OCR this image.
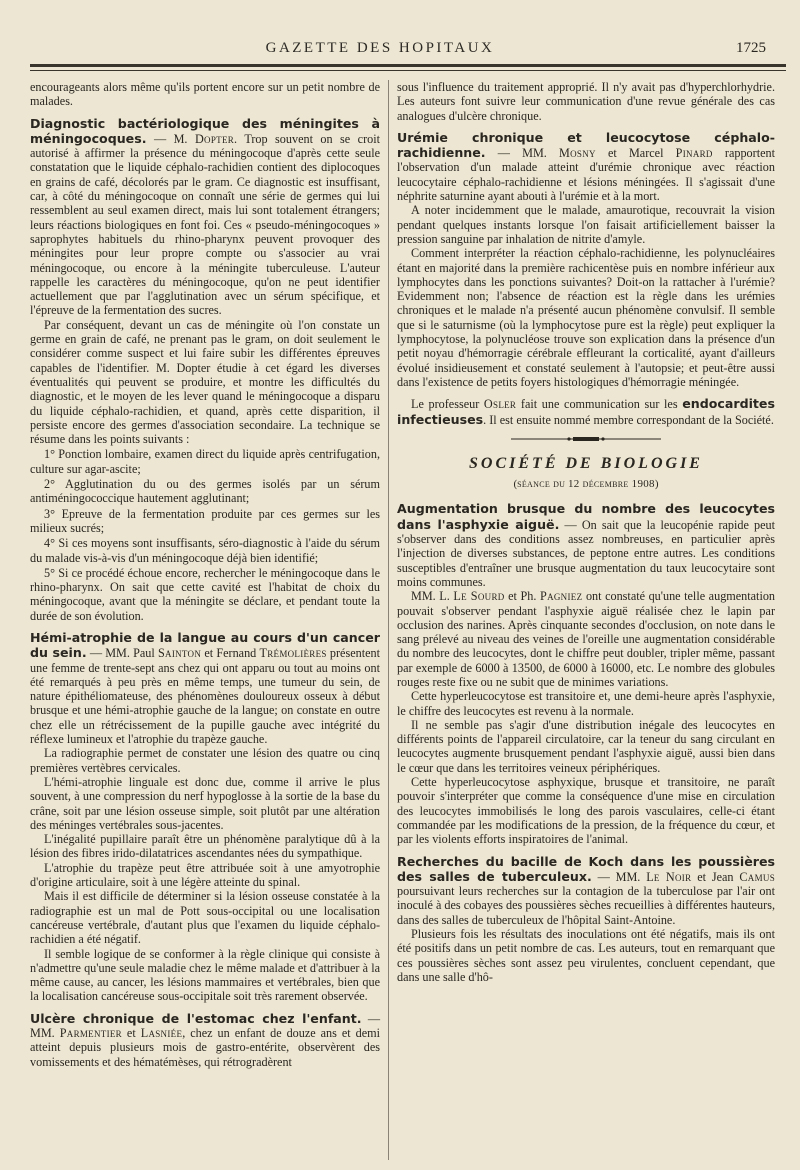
GAZETTE DES HOPITAUX	1725

encourageants alors même qu'ils portent encore sur un petit nombre de malades.

Diagnostic bactériologique des méningites à méningocoques. — M. Dopter. Trop souvent on se croit autorisé à affirmer la présence du méningocoque d'après cette seule constatation que le liquide céphalo-rachidien contient des diplocoques en grains de café, décolorés par le gram. Ce diagnostic est insuffisant, car, à côté du méningocoque on connaît une série de germes qui lui ressemblent au seul examen direct, mais lui sont totalement étrangers; leurs réactions biologiques en font foi. Ces « pseudo-méningocoques » saprophytes habituels du rhino-pharynx peuvent provoquer des méningites pour leur propre compte ou s'associer au vrai méningocoque, ou encore à la méningite tuberculeuse. L'auteur rappelle les caractères du méningocoque, qu'on ne peut identifier actuellement que par l'agglutination avec un sérum spécifique, et l'épreuve de la fermentation des sucres.

Par conséquent, devant un cas de méningite où l'on constate un germe en grain de café, ne prenant pas le gram, on doit seulement le considérer comme suspect et lui faire subir les différentes épreuves capables de l'identifier. M. Dopter étudie à cet égard les diverses éventualités qui peuvent se produire, et montre les difficultés du diagnostic, et le moyen de les lever quand le méningocoque a disparu du liquide céphalo-rachidien, et quand, après cette disparition, il persiste encore des germes d'association secondaire. La technique se résume dans les points suivants :

1° Ponction lombaire, examen direct du liquide après centrifugation, culture sur agar-ascite;

2° Agglutination du ou des germes isolés par un sérum antiméningococcique hautement agglutinant;

3° Epreuve de la fermentation produite par ces germes sur les milieux sucrés;

4° Si ces moyens sont insuffisants, séro-diagnostic à l'aide du sérum du malade vis-à-vis d'un méningocoque déjà bien identifié;

5° Si ce procédé échoue encore, rechercher le méningocoque dans le rhino-pharynx. On sait que cette cavité est l'habitat de choix du méningocoque, avant que la méningite se déclare, et pendant toute la durée de son évolution.

Hémi-atrophie de la langue au cours d'un cancer du sein. — MM. Paul Sainton et Fernand Trémolières présentent une femme de trente-sept ans chez qui ont apparu ou tout au moins ont été remarqués à peu près en même temps, une tumeur du sein, de nature épithéliomateuse, des phénomènes douloureux osseux à début brusque et une hémi-atrophie gauche de la langue; on constate en outre chez elle un rétrécissement de la pupille gauche avec intégrité du réflexe lumineux et l'atrophie du trapèze gauche.

La radiographie permet de constater une lésion des quatre ou cinq premières vertèbres cervicales.

L'hémi-atrophie linguale est donc due, comme il arrive le plus souvent, à une compression du nerf hypoglosse à la sortie de la base du crâne, soit par une lésion osseuse simple, soit plutôt par une altération des méninges vertébrales sous-jacentes.

L'inégalité pupillaire paraît être un phénomène paralytique dû à la lésion des fibres irido-dilatatrices ascendantes nées du sympathique.

L'atrophie du trapèze peut être attribuée soit à une amyotrophie d'origine articulaire, soit à une légère atteinte du spinal.

Mais il est difficile de déterminer si la lésion osseuse constatée à la radiographie est un mal de Pott sous-occipital ou une localisation cancéreuse vertébrale, d'autant plus que l'examen du liquide céphalo-rachidien a été négatif.

Il semble logique de se conformer à la règle clinique qui consiste à n'admettre qu'une seule maladie chez le même malade et d'attribuer à la même cause, au cancer, les lésions mammaires et vertébrales, bien que la localisation cancéreuse sous-occipitale soit très rarement observée.

Ulcère chronique de l'estomac chez l'enfant. — MM. Parmentier et Lasniée, chez un enfant de douze ans et demi atteint depuis plusieurs mois de gastro-entérite, observèrent des vomissements et des hématémèses, qui rétrogradèrent

sous l'influence du traitement approprié. Il n'y avait pas d'hyperchlorhydrie. Les auteurs font suivre leur communication d'une revue générale des cas analogues d'ulcère chronique.

Urémie chronique et leucocytose céphalo-rachidienne. — MM. Mosny et Marcel Pinard rapportent l'observation d'un malade atteint d'urémie chronique avec réaction leucocytaire céphalo-rachidienne et lésions méningées. Il s'agissait d'une néphrite saturnine ayant abouti à l'urémie et à la mort.

A noter incidemment que le malade, amaurotique, recouvrait la vision pendant quelques instants lorsque l'on faisait artificiellement baisser la pression sanguine par inhalation de nitrite d'amyle.

Comment interpréter la réaction céphalo-rachidienne, les polynucléaires étant en majorité dans la première rachicentèse puis en nombre inférieur aux lymphocytes dans les ponctions suivantes? Doit-on la rattacher à l'urémie? Evidemment non; l'absence de réaction est la règle dans les urémies chroniques et le malade n'a présenté aucun phénomène convulsif. Il semble que si le saturnisme (où la lymphocytose pure est la règle) peut expliquer la lymphocytose, la polynucléose trouve son explication dans la présence d'un petit noyau d'hémorragie cérébrale effleurant la corticalité, ayant d'ailleurs évolué insidieusement et constaté seulement à l'autopsie; et peut-être aussi dans l'existence de petits foyers histologiques d'hémorragie méningée.

Le professeur Osler fait une communication sur les endocardites infectieuses. Il est ensuite nommé membre correspondant de la Société.

SOCIÉTÉ DE BIOLOGIE
(séance du 12 décembre 1908)

Augmentation brusque du nombre des leucocytes dans l'asphyxie aiguë. — On sait que la leucopénie rapide peut s'observer dans des conditions assez nombreuses, en particulier après l'injection de diverses substances, de peptone entre autres. Les conditions susceptibles d'entraîner une brusque augmentation du taux leucocytaire sont moins communes.

MM. L. Le Sourd et Ph. Pagniez ont constaté qu'une telle augmentation pouvait s'observer pendant l'asphyxie aiguë réalisée chez le lapin par occlusion des narines. Après cinquante secondes d'occlusion, on note dans le sang prélevé au niveau des veines de l'oreille une augmentation considérable du nombre des leucocytes, dont le chiffre peut doubler, tripler même, passant par exemple de 6000 à 13500, de 6000 à 16000, etc. Le nombre des globules rouges reste fixe ou ne subit que de minimes variations.

Cette hyperleucocytose est transitoire et, une demi-heure après l'asphyxie, le chiffre des leucocytes est revenu à la normale.

Il ne semble pas s'agir d'une distribution inégale des leucocytes en différents points de l'appareil circulatoire, car la teneur du sang circulant en leucocytes augmente brusquement pendant l'asphyxie aiguë, aussi bien dans le cœur que dans les territoires veineux périphériques.

Cette hyperleucocytose asphyxique, brusque et transitoire, ne paraît pouvoir s'interpréter que comme la conséquence d'une mise en circulation des leucocytes immobilisés le long des parois vasculaires, celle-ci étant commandée par les modifications de la pression, de la fréquence du cœur, et par les violents efforts inspiratoires de l'animal.

Recherches du bacille de Koch dans les poussières des salles de tuberculeux. — MM. Le Noir et Jean Camus poursuivant leurs recherches sur la contagion de la tuberculose par l'air ont inoculé à des cobayes des poussières sèches recueillies à différentes hauteurs, dans des salles de tuberculeux de l'hôpital Saint-Antoine.

Plusieurs fois les résultats des inoculations ont été négatifs, mais ils ont été positifs dans un petit nombre de cas. Les auteurs, tout en remarquant que ces poussières sèches sont assez peu virulentes, concluent cependant, que dans une salle d'hô-
